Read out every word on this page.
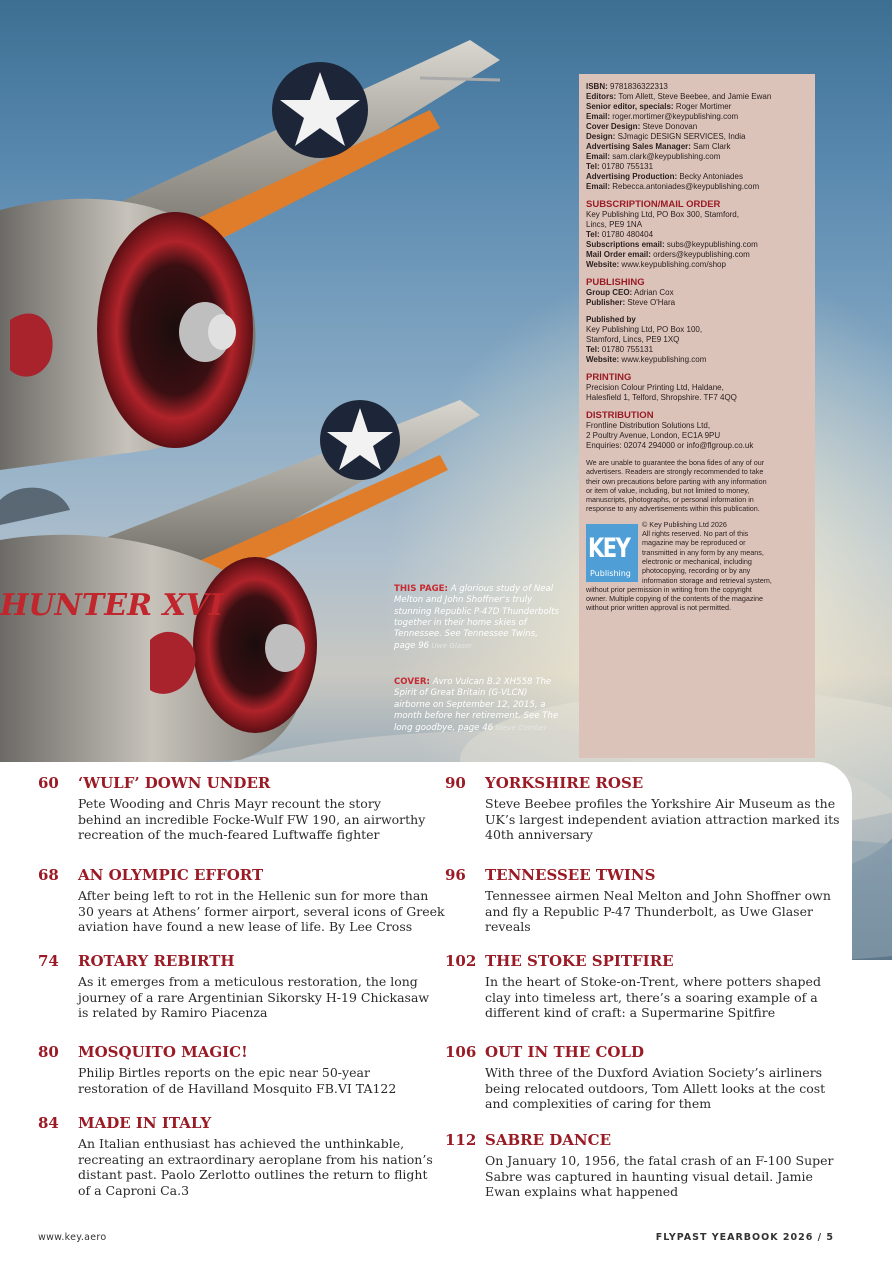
HUNTER XVI
ISBN: 9781836322313
Editors: Tom Allett, Steve Beebee, and Jamie Ewan
Senior editor, specials: Roger Mortimer
Email: roger.mortimer@keypublishing.com
Cover Design: Steve Donovan
Design: SJmagic DESIGN SERVICES, India
Advertising Sales Manager: Sam Clark
Email: sam.clark@keypublishing.com
Tel: 01780 755131
Advertising Production: Becky Antoniades
Email: Rebecca.antoniades@keypublishing.com
SUBSCRIPTION/MAIL ORDER
Key Publishing Ltd, PO Box 300, Stamford,
Lincs, PE9 1NA
Tel: 01780 480404
Subscriptions email: subs@keypublishing.com
Mail Order email: orders@keypublishing.com
Website: www.keypublishing.com/shop
PUBLISHING
Group CEO: Adrian Cox
Publisher: Steve O'Hara
Published by
Key Publishing Ltd, PO Box 100,
Stamford, Lincs, PE9 1XQ
Tel: 01780 755131
Website: www.keypublishing.com
PRINTING
Precision Colour Printing Ltd, Haldane,
Halesfield 1, Telford, Shropshire. TF7 4QQ
DISTRIBUTION
Frontline Distribution Solutions Ltd,
2 Poultry Avenue, London, EC1A 9PU
Enquiries: 02074 294000 or info@flgroup.co.uk
We are unable to guarantee the bona fides of any of our
advertisers. Readers are strongly recommended to take
their own precautions before parting with any information
or item of value, including, but not limited to money,
manuscripts, photographs, or personal information in
response to any advertisements within this publication.
KEY
Publishing
© Key Publishing Ltd 2026
All rights reserved. No part of this
magazine may be reproduced or
transmitted in any form by any means,
electronic or mechanical, including
photocopying, recording or by any
information storage and retrieval system,
without prior permission in writing from the copyright
owner. Multiple copying of the contents of the magazine
without prior written approval is not permitted.
THIS PAGE: A glorious study of Neal Melton and John Shoffner's truly stunning Republic P-47D Thunderbolts together in their home skies of Tennessee. See Tennessee Twins, page 96 Uwe Glaser
COVER: Avro Vulcan B.2 XH558 The Spirit of Great Britain (G-VLCN) airborne on September 12, 2015, a month before her retirement. See The long goodbye, page 46 Steve Comber
60 ‘WULF’ DOWN UNDER
Pete Wooding and Chris Mayr recount the story
behind an incredible Focke-Wulf FW 190, an airworthy
recreation of the much-feared Luftwaffe fighter
68 AN OLYMPIC EFFORT
After being left to rot in the Hellenic sun for more than
30 years at Athens’ former airport, several icons of Greek
aviation have found a new lease of life. By Lee Cross
74 ROTARY REBIRTH
As it emerges from a meticulous restoration, the long
journey of a rare Argentinian Sikorsky H-19 Chickasaw
is related by Ramiro Piacenza
80 MOSQUITO MAGIC!
Philip Birtles reports on the epic near 50-year
restoration of de Havilland Mosquito FB.VI TA122
84 MADE IN ITALY
An Italian enthusiast has achieved the unthinkable,
recreating an extraordinary aeroplane from his nation’s
distant past. Paolo Zerlotto outlines the return to flight
of a Caproni Ca.3
90 YORKSHIRE ROSE
Steve Beebee profiles the Yorkshire Air Museum as the
UK’s largest independent aviation attraction marked its
40th anniversary
96 TENNESSEE TWINS
Tennessee airmen Neal Melton and John Shoffner own
and fly a Republic P-47 Thunderbolt, as Uwe Glaser
reveals
102 THE STOKE SPITFIRE
In the heart of Stoke-on-Trent, where potters shaped
clay into timeless art, there’s a soaring example of a
different kind of craft: a Supermarine Spitfire
106 OUT IN THE COLD
With three of the Duxford Aviation Society’s airliners
being relocated outdoors, Tom Allett looks at the cost
and complexities of caring for them
112 SABRE DANCE
On January 10, 1956, the fatal crash of an F-100 Super
Sabre was captured in haunting visual detail. Jamie
Ewan explains what happened
www.key.aero	FLYPAST YEARBOOK 2026 / 5
